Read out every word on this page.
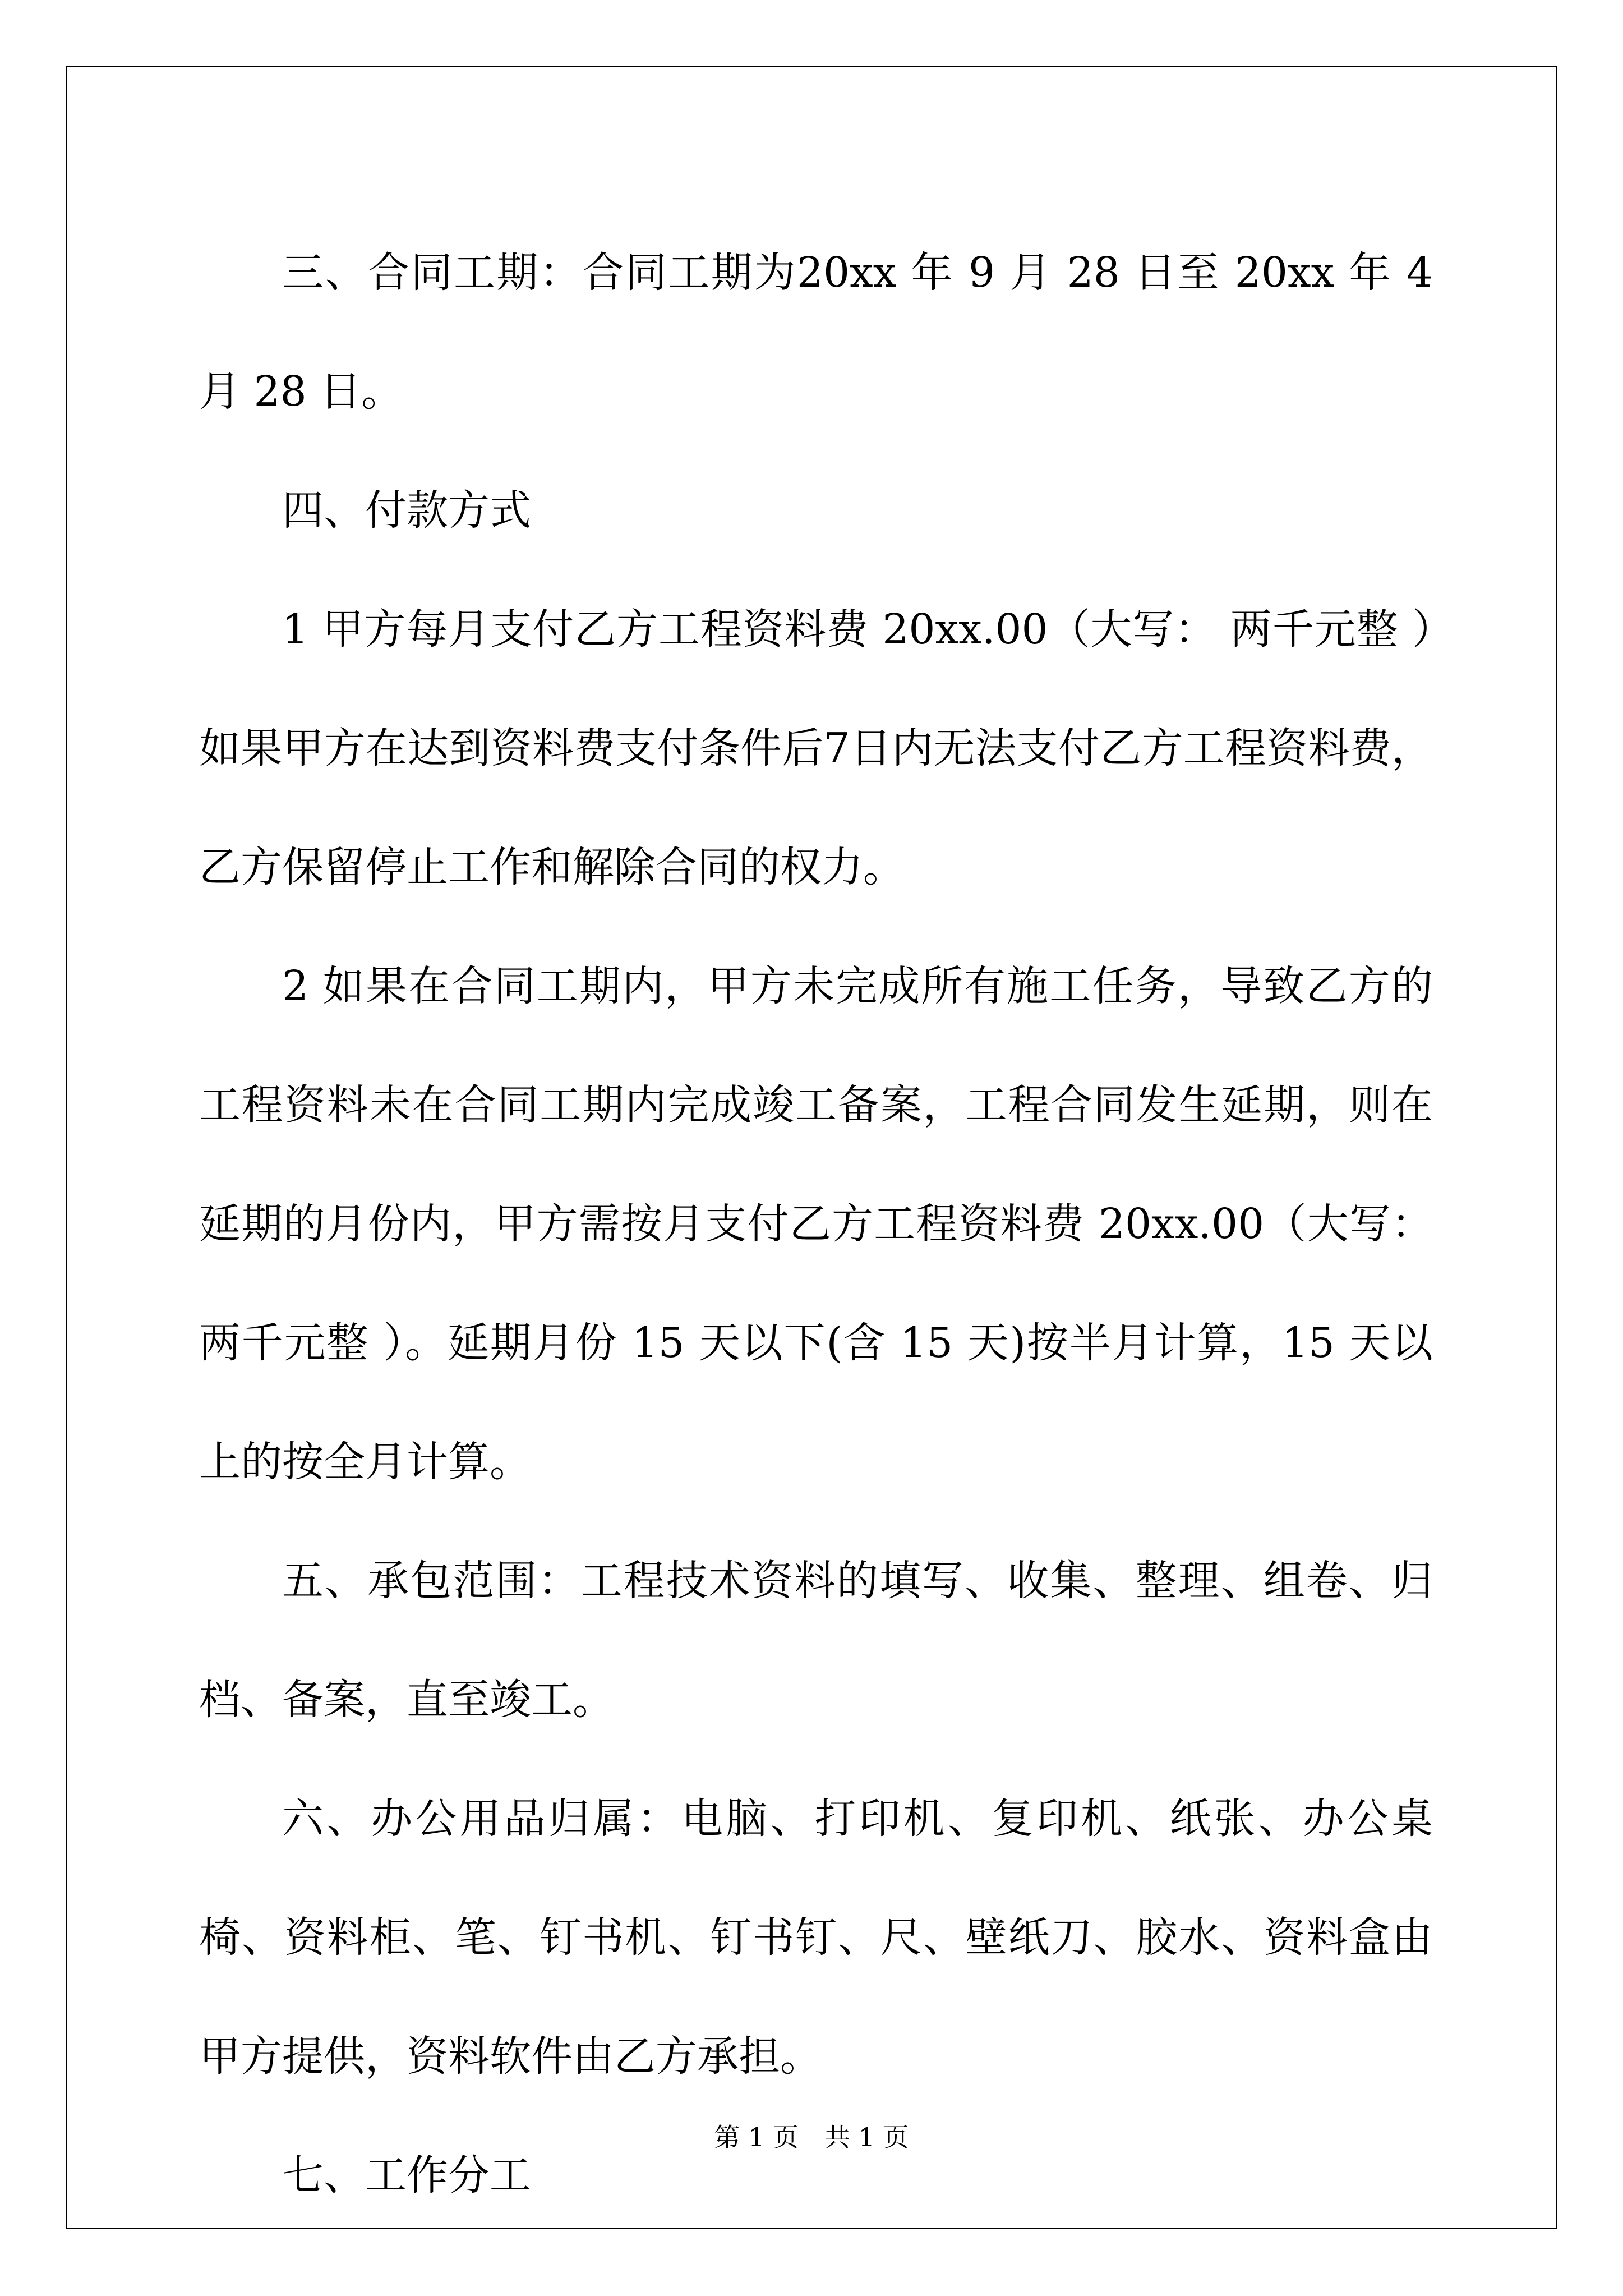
三、合同工期：合同工期为20xx 年 9 月 28 日至 20xx 年 4 月 28 日。

四、付款方式

1 甲方每月支付乙方工程资料费 20xx.00（大写： 两千元整 ）如果甲方在达到资料费支付条件后7日内无法支付乙方工程资料费，乙方保留停止工作和解除合同的权力。

2 如果在合同工期内，甲方未完成所有施工任务，导致乙方的工程资料未在合同工期内完成竣工备案，工程合同发生延期，则在延期的月份内，甲方需按月支付乙方工程资料费 20xx.00（大写： 两千元整 ）。延期月份 15 天以下(含 15 天)按半月计算，15 天以上的按全月计算。

五、承包范围：工程技术资料的填写、收集、整理、组卷、归档、备案，直至竣工。

六、办公用品归属：电脑、打印机、复印机、纸张、办公桌椅、资料柜、笔、钉书机、钉书钉、尺、壁纸刀、胶水、资料盒由甲方提供，资料软件由乙方承担。

七、工作分工

第 1 页　共 1 页
